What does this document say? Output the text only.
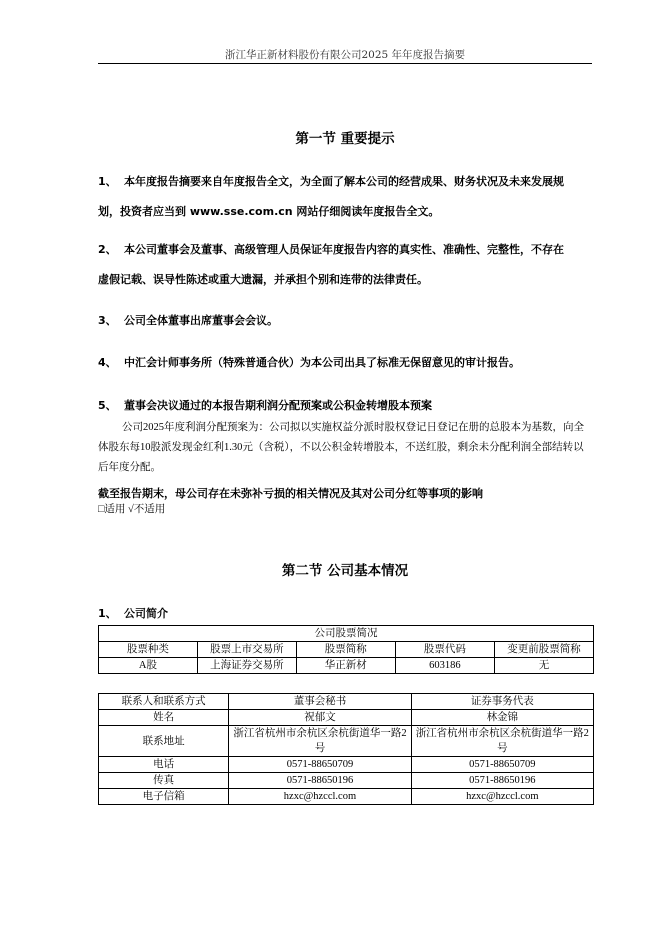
浙江华正新材料股份有限公司2025 年年度报告摘要
第一节 重要提示
1、 本年度报告摘要来自年度报告全文，为全面了解本公司的经营成果、财务状况及未来发展规
划，投资者应当到 www.sse.com.cn 网站仔细阅读年度报告全文。
2、 本公司董事会及董事、高级管理人员保证年度报告内容的真实性、准确性、完整性，不存在
虚假记载、误导性陈述或重大遗漏，并承担个别和连带的法律责任。
3、 公司全体董事出席董事会会议。
4、 中汇会计师事务所（特殊普通合伙）为本公司出具了标准无保留意见的审计报告。
5、 董事会决议通过的本报告期利润分配预案或公积金转增股本预案
公司2025年度利润分配预案为：公司拟以实施权益分派时股权登记日登记在册的总股本为基数，向全体股东每10股派发现金红利1.30元（含税），不以公积金转增股本，不送红股，剩余未分配利润全部结转以后年度分配。
截至报告期末，母公司存在未弥补亏损的相关情况及其对公司分红等事项的影响
□适用 √不适用
第二节 公司基本情况
1、 公司简介
公司股票简况				
股票种类	股票上市交易所	股票简称	股票代码	变更前股票简称
A股	上海证券交易所	华正新材	603186	无
联系人和联系方式	董事会秘书	证券事务代表
姓名	祝郁文	林金锦
联系地址	浙江省杭州市余杭区余杭街道华一路2号	浙江省杭州市余杭区余杭街道华一路2号
电话	0571-88650709	0571-88650709
传真	0571-88650196	0571-88650196
电子信箱	hzxc@hzccl.com	hzxc@hzccl.com
